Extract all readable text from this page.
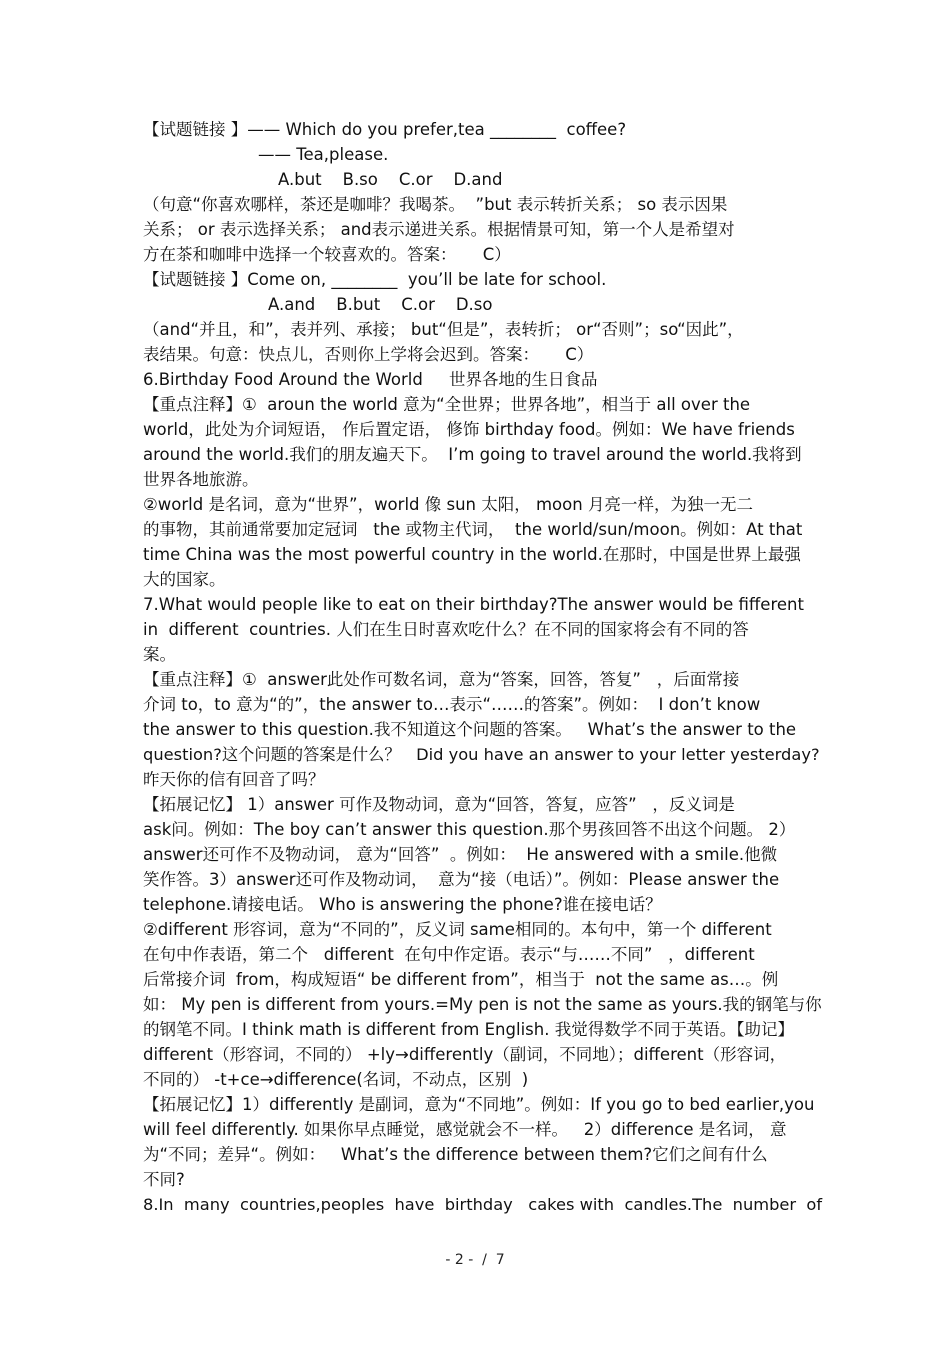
【试题链接 】—— Which do you prefer,tea ________  coffee?
—— Tea,please.
A.but    B.so    C.or    D.and
（句意“你喜欢哪样，茶还是咖啡？我喝茶。  ”but 表示转折关系； so 表示因果
关系； or 表示选择关系； and表示递进关系。根据情景可知，第一个人是希望对
方在茶和咖啡中选择一个较喜欢的。答案：     C）
【试题链接 】Come on, ________  you’ll be late for school.
A.and    B.but    C.or    D.so
（and“并且，和”，表并列、承接； but“但是”，表转折； or“否则”；so“因此”，
表结果。句意：快点儿，否则你上学将会迟到。答案：     C）
6.Birthday Food Around the World     世界各地的生日食品
【重点注释】①  aroun the world 意为“全世界；世界各地”，相当于 all over the
world，此处为介词短语， 作后置定语， 修饰 birthday food。例如：We have friends
around the world.我们的朋友遍天下。  I’m going to travel around the world.我将到
世界各地旅游。
②world 是名词，意为“世界”，world 像 sun 太阳， moon 月亮一样，为独一无二
的事物，其前通常要加定冠词   the 或物主代词，  the world/sun/moon。例如：At that
time China was the most powerful country in the world.在那时，中国是世界上最强
大的国家。
7.What would people like to eat on their birthday?The answer would be fifferent
in  different  countries. 人们在生日时喜欢吃什么？在不同的国家将会有不同的答
案。
【重点注释】①  answer此处作可数名词，意为“答案，回答，答复”   ，后面常接
介词 to，to 意为“的”，the answer to…表示“……的答案”。例如：  I don’t know
the answer to this question.我不知道这个问题的答案。   What’s the answer to the
question?这个问题的答案是什么？   Did you have an answer to your letter yesterday?
昨天你的信有回音了吗？
【拓展记忆】 1）answer 可作及物动词，意为“回答，答复，应答”   ，反义词是
ask问。例如：The boy can’t answer this question.那个男孩回答不出这个问题。 2）
answer还可作不及物动词， 意为“回答”  。例如：  He answered with a smile.他微
笑作答。3）answer还可作及物动词，  意为“接（电话）”。例如：Please answer the
telephone.请接电话。 Who is answering the phone?谁在接电话？
②different 形容词，意为“不同的”，反义词 same相同的。本句中，第一个 different
在句中作表语，第二个   different  在句中作定语。表示“与……不同”   ，different
后常接介词  from，构成短语“ be different from”，相当于  not the same as…。例
如： My pen is different from yours.=My pen is not the same as yours.我的钢笔与你
的钢笔不同。I think math is different from English. 我觉得数学不同于英语。【助记】
different（形容词，不同的） +ly→differently（副词，不同地）；different（形容词，
不同的） -t+ce→difference(名词，不动点，区别  )
【拓展记忆】1）differently 是副词，意为“不同地”。例如：If you go to bed earlier,you
will feel differently. 如果你早点睡觉，感觉就会不一样。   2）difference 是名词， 意
为“不同；差异“。例如：   What’s the difference between them?它们之间有什么
不同?
8.In  many  countries,peoples  have  birthday   cakes with  candles.The  number  of
- 2 -  /  7
